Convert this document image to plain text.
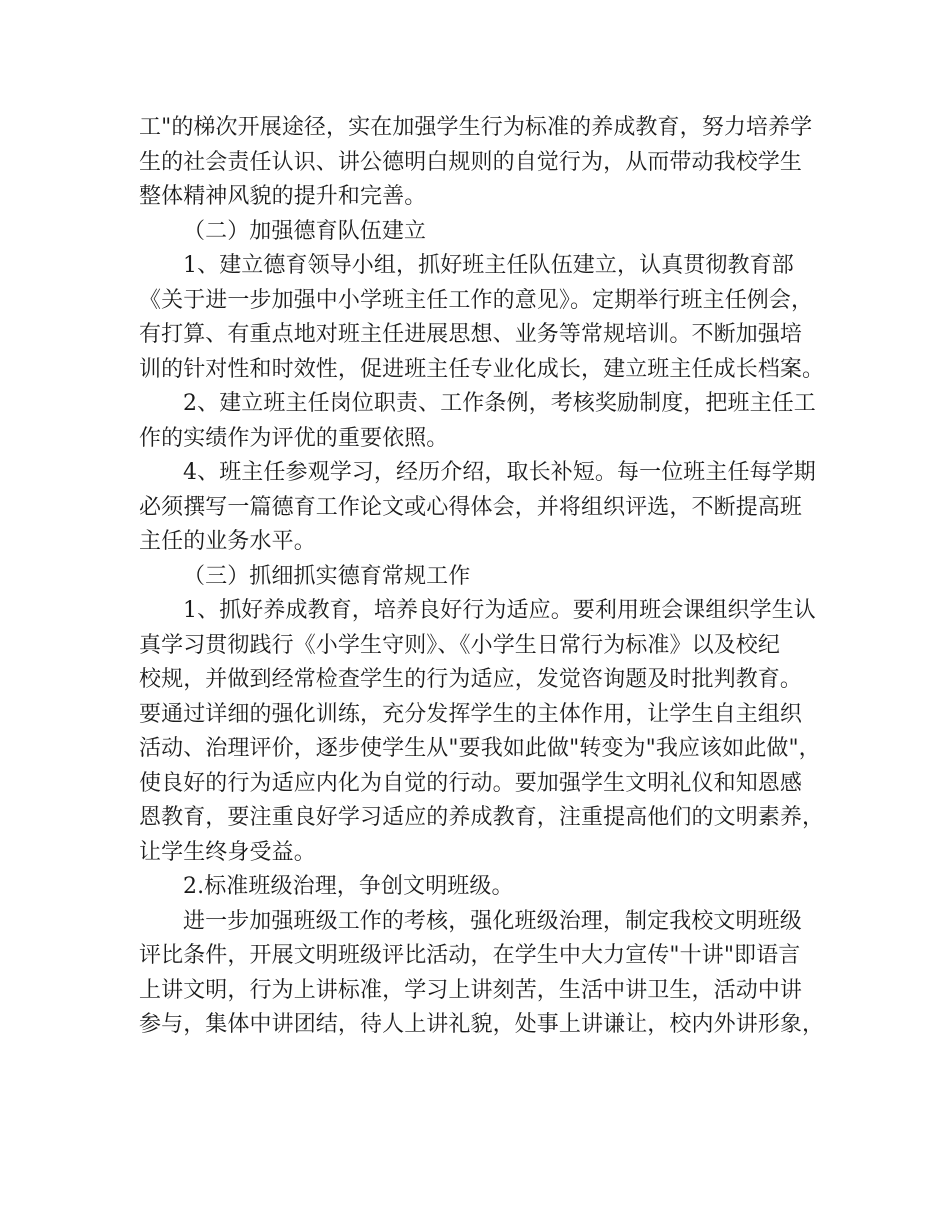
工"的梯次开展途径，实在加强学生行为标准的养成教育，努力培养学
生的社会责任认识、讲公德明白规则的自觉行为，从而带动我校学生
整体精神风貌的提升和完善。
（二）加强德育队伍建立
1、建立德育领导小组，抓好班主任队伍建立，认真贯彻教育部
《关于进一步加强中小学班主任工作的意见》。定期举行班主任例会，
有打算、有重点地对班主任进展思想、业务等常规培训。不断加强培
训的针对性和时效性，促进班主任专业化成长，建立班主任成长档案。
2、建立班主任岗位职责、工作条例，考核奖励制度，把班主任工
作的实绩作为评优的重要依照。
4、班主任参观学习，经历介绍，取长补短。每一位班主任每学期
必须撰写一篇德育工作论文或心得体会，并将组织评选，不断提高班
主任的业务水平。
（三）抓细抓实德育常规工作
1、抓好养成教育，培养良好行为适应。要利用班会课组织学生认
真学习贯彻践行《小学生守则》、《小学生日常行为标准》以及校纪
校规，并做到经常检查学生的行为适应，发觉咨询题及时批判教育。
要通过详细的强化训练，充分发挥学生的主体作用，让学生自主组织
活动、治理评价，逐步使学生从"要我如此做"转变为"我应该如此做"，
使良好的行为适应内化为自觉的行动。要加强学生文明礼仪和知恩感
恩教育，要注重良好学习适应的养成教育，注重提高他们的文明素养，
让学生终身受益。
2.标准班级治理，争创文明班级。
进一步加强班级工作的考核，强化班级治理，制定我校文明班级
评比条件，开展文明班级评比活动，在学生中大力宣传"十讲"即语言
上讲文明，行为上讲标准，学习上讲刻苦，生活中讲卫生，活动中讲
参与，集体中讲团结，待人上讲礼貌，处事上讲谦让，校内外讲形象，
